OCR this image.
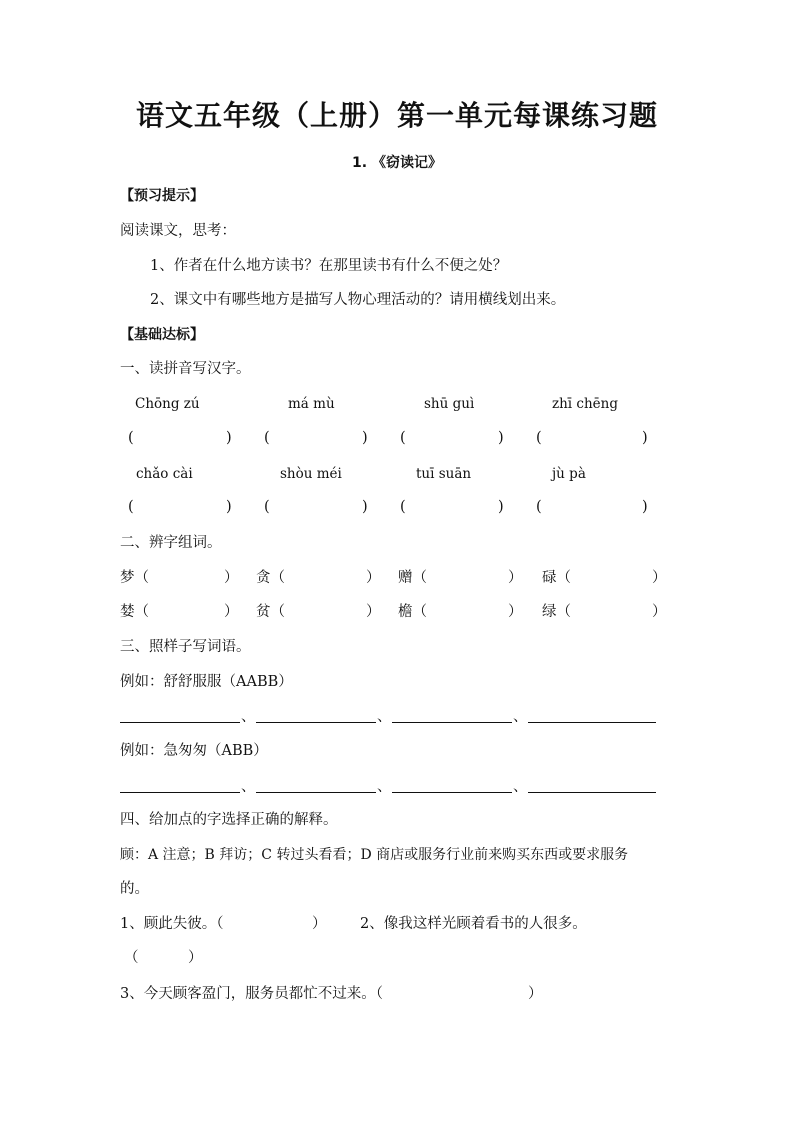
语文五年级（上册）第一单元每课练习题
1. 《窃读记》
【预习提示】
阅读课文，思考：
1、作者在什么地方读书？在那里读书有什么不便之处？
2、课文中有哪些地方是描写人物心理活动的？请用横线划出来。
【基础达标】
一、读拼音写汉字。
Chōng zú	má mù	shū guì	zhī chēng
(	) (	) (	) (	)
chǎo cài	shòu méi	tuī suān	jù pà
(	) (	) (	) (	)
二、辨字组词。
梦（	） 贪（	） 赠（	） 碌（	）
婪（	） 贫（	） 檐（	） 绿（	）
三、照样子写词语。
例如：舒舒服服（AABB）
、	、	、
例如：急匆匆（ABB）
、	、	、
四、给加点的字选择正确的解释。
顾：A 注意；B 拜访；C 转过头看看；D 商店或服务行业前来购买东西或要求服务
的。
1、顾此失彼。（	） 2、像我这样光顾着看书的人很多。
（	）
3、今天顾客盈门，服务员都忙不过来。（	）
